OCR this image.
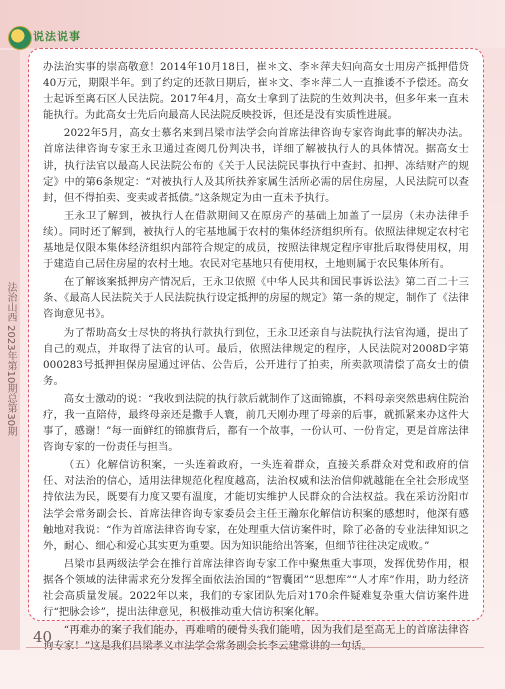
说法说事
法治山西 2023年第10期总第30期

办法治实事的崇高敬意！2014年10月18日，崔＊文、李＊萍夫妇向高女士用房产抵押借贷40万元，期限半年。到了约定的还款日期后，崔＊文、李＊萍二人一直推诿不予偿还。高女士起诉至离石区人民法院。2017年4月，高女士拿到了法院的生效判决书，但多年来一直未能执行。为此高女士先后向最高人民法院反映投诉，但还是没有实质性进展。

2022年5月，高女士慕名来到吕梁市法学会向首席法律咨询专家咨询此事的解决办法。首席法律咨询专家王永卫通过查阅几份判决书，详细了解被执行人的具体情况。据高女士讲，执行法官以最高人民法院公布的《关于人民法院民事执行中查封、扣押、冻结财产的规定》中的第6条规定：“对被执行人及其所扶养家属生活所必需的居住房屋，人民法院可以查封，但不得拍卖、变卖或者抵债。”这条规定为由一直未予执行。

王永卫了解到，被执行人在借款期间又在原房产的基础上加盖了一层房（未办法律手续）。同时还了解到，被执行人的宅基地属于农村的集体经济组织所有。依照法律规定农村宅基地是仅限本集体经济组织内部符合规定的成员，按照法律规定程序审批后取得使用权，用于建造自己居住房屋的农村土地。农民对宅基地只有使用权，土地则属于农民集体所有。

在了解该案抵押房产情况后，王永卫依照《中华人民共和国民事诉讼法》第二百二十三条、《最高人民法院关于人民法院执行设定抵押的房屋的规定》第一条的规定，制作了《法律咨询意见书》。

为了帮助高女士尽快的将执行款执行到位，王永卫还亲自与法院执行法官沟通，提出了自己的观点，并取得了法官的认可。最后，依照法律规定的程序，人民法院对2008D字第000283号抵押担保房屋通过评估、公告后，公开进行了拍卖，所卖款项清偿了高女士的债务。

高女士激动的说：“我收到法院的执行款后就制作了这面锦旗，不料母亲突然患病住院治疗，我一直陪侍，最终母亲还是撒手人寰，前几天刚办理了母亲的后事，就抓紧来办这件大事了，感谢！”每一面鲜红的锦旗背后，都有一个故事，一份认可、一份肯定，更是首席法律咨询专家的一份责任与担当。

（五）化解信访积案，一头连着政府，一头连着群众，直接关系群众对党和政府的信任、对法治的信心，适用法律规范化程度越高，法治权威和法治信仰就越能在全社会形成坚持依法为民，既要有力度又要有温度，才能切实维护人民群众的合法权益。我在采访汾阳市法学会常务副会长、首席法律咨询专家委员会主任王瀚东化解信访积案的感想时，他深有感触地对我说：“作为首席法律咨询专家，在处理重大信访案件时，除了必备的专业法律知识之外，耐心、细心和爱心其实更为重要。因为知识能给出答案，但细节往往决定成败。”

吕梁市县两级法学会在推行首席法律咨询专家工作中聚焦重大事项，发挥优势作用，根据各个领域的法律需求充分发挥全面依法治国的“智囊团”“思想库”“人才库”作用，助力经济社会高质量发展。2022年以来，我们的专家团队先后对170余件疑难复杂重大信访案件进行“把脉会诊”，提出法律意见，积极推动重大信访积案化解。

“再难办的案子我们能办，再难啃的硬骨头我们能啃，因为我们是至高无上的首席法律咨

40
